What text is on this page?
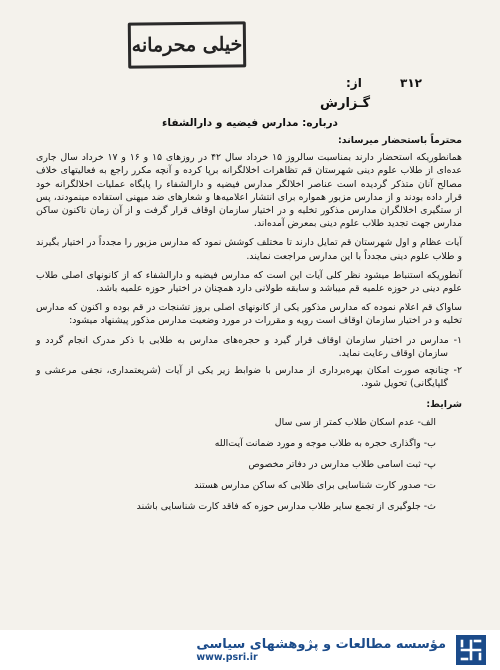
خیلی محرمانه
۳۱۲ از:
گـزارش
درباره: مدارس فیضیه و دارالشفاء

محترماً باستحضار میرساند:

همانطوریکه استحضار دارند بمناسبت سالروز ۱۵ خرداد سال ۴۲ در روزهای ۱۵ و ۱۶ و ۱۷ خرداد سال جاری عده‌ای از طلاب علوم دینی شهرستان قم تظاهرات اخلالگرانه برپا کرده و آنچه مکرر راجع به فعالیتهای خلاف مصالح آنان متذکر گردیده است عناصر اخلالگر مدارس فیضیه و دارالشفاء را پایگاه عملیات اخلالگرانه خود قرار داده بودند و از مدارس مزبور همواره برای انتشار اعلامیه‌ها و شعارهای ضد میهنی استفاده مینمودند، پس از ستگیری اخلالگران مدارس مذکور تخلیه و در اختیار سازمان اوقاف قرار گرفت و از آن زمان تاکنون ساکن مدارس جهت تجدید طلاب علوم دینی بمعرض آمده‌اند.

آیات عظام و اول شهرستان قم تمایل دارند تا مختلف کوشش نمود که مدارس مزبور را مجدداً در اختیار بگیرند و طلاب علوم دینی مجدداً با این مدارس مراجعت نمایند.

آنطوریکه استنباط میشود نظر کلی آیات این است که مدارس فیضیه و دارالشفاء که از کانونهای اصلی طلاب علوم دینی در حوزه علمیه قم میباشد و سابقه طولانی دارد همچنان در اختیار حوزه علمیه باشد.

ساواک قم اعلام نموده که مدارس مذکور یکی از کانونهای اصلی بروز تشنجات در قم بوده و اکنون که مدارس تخلیه و در اختیار سازمان اوقاف است رویه و مقررات در مورد وضعیت مدارس مذکور پیشنهاد میشود:

۱- مدارس در اختیار سازمان اوقاف قرار گیرد و حجره‌های مدارس به طلابی با ذکر مدرک انجام گردد و سازمان اوقاف رعایت نماید.
۲- چنانچه صورت امکان بهره‌برداری از مدارس با ضوابط زیر یکی از آیات (شریعتمداری، نجفی مرعشی و گلپایگانی) تحویل شود.
شرایط:
الف- عدم اسکان طلاب کمتر از سی سال
ب- واگذاری حجره به طلاب موجه و مورد ضمانت آیت‌الله
پ- ثبت اسامی طلاب مدارس در دفاتر مخصوص
ت- صدور کارت شناسایی برای طلابی که ساکن مدارس هستند
ث- جلوگیری از تجمع سایر طلاب مدارس حوزه که فاقد کارت شناسایی باشند
مؤسسه مطالعات و پژوهشهای سیاسی
www.psri.ir
